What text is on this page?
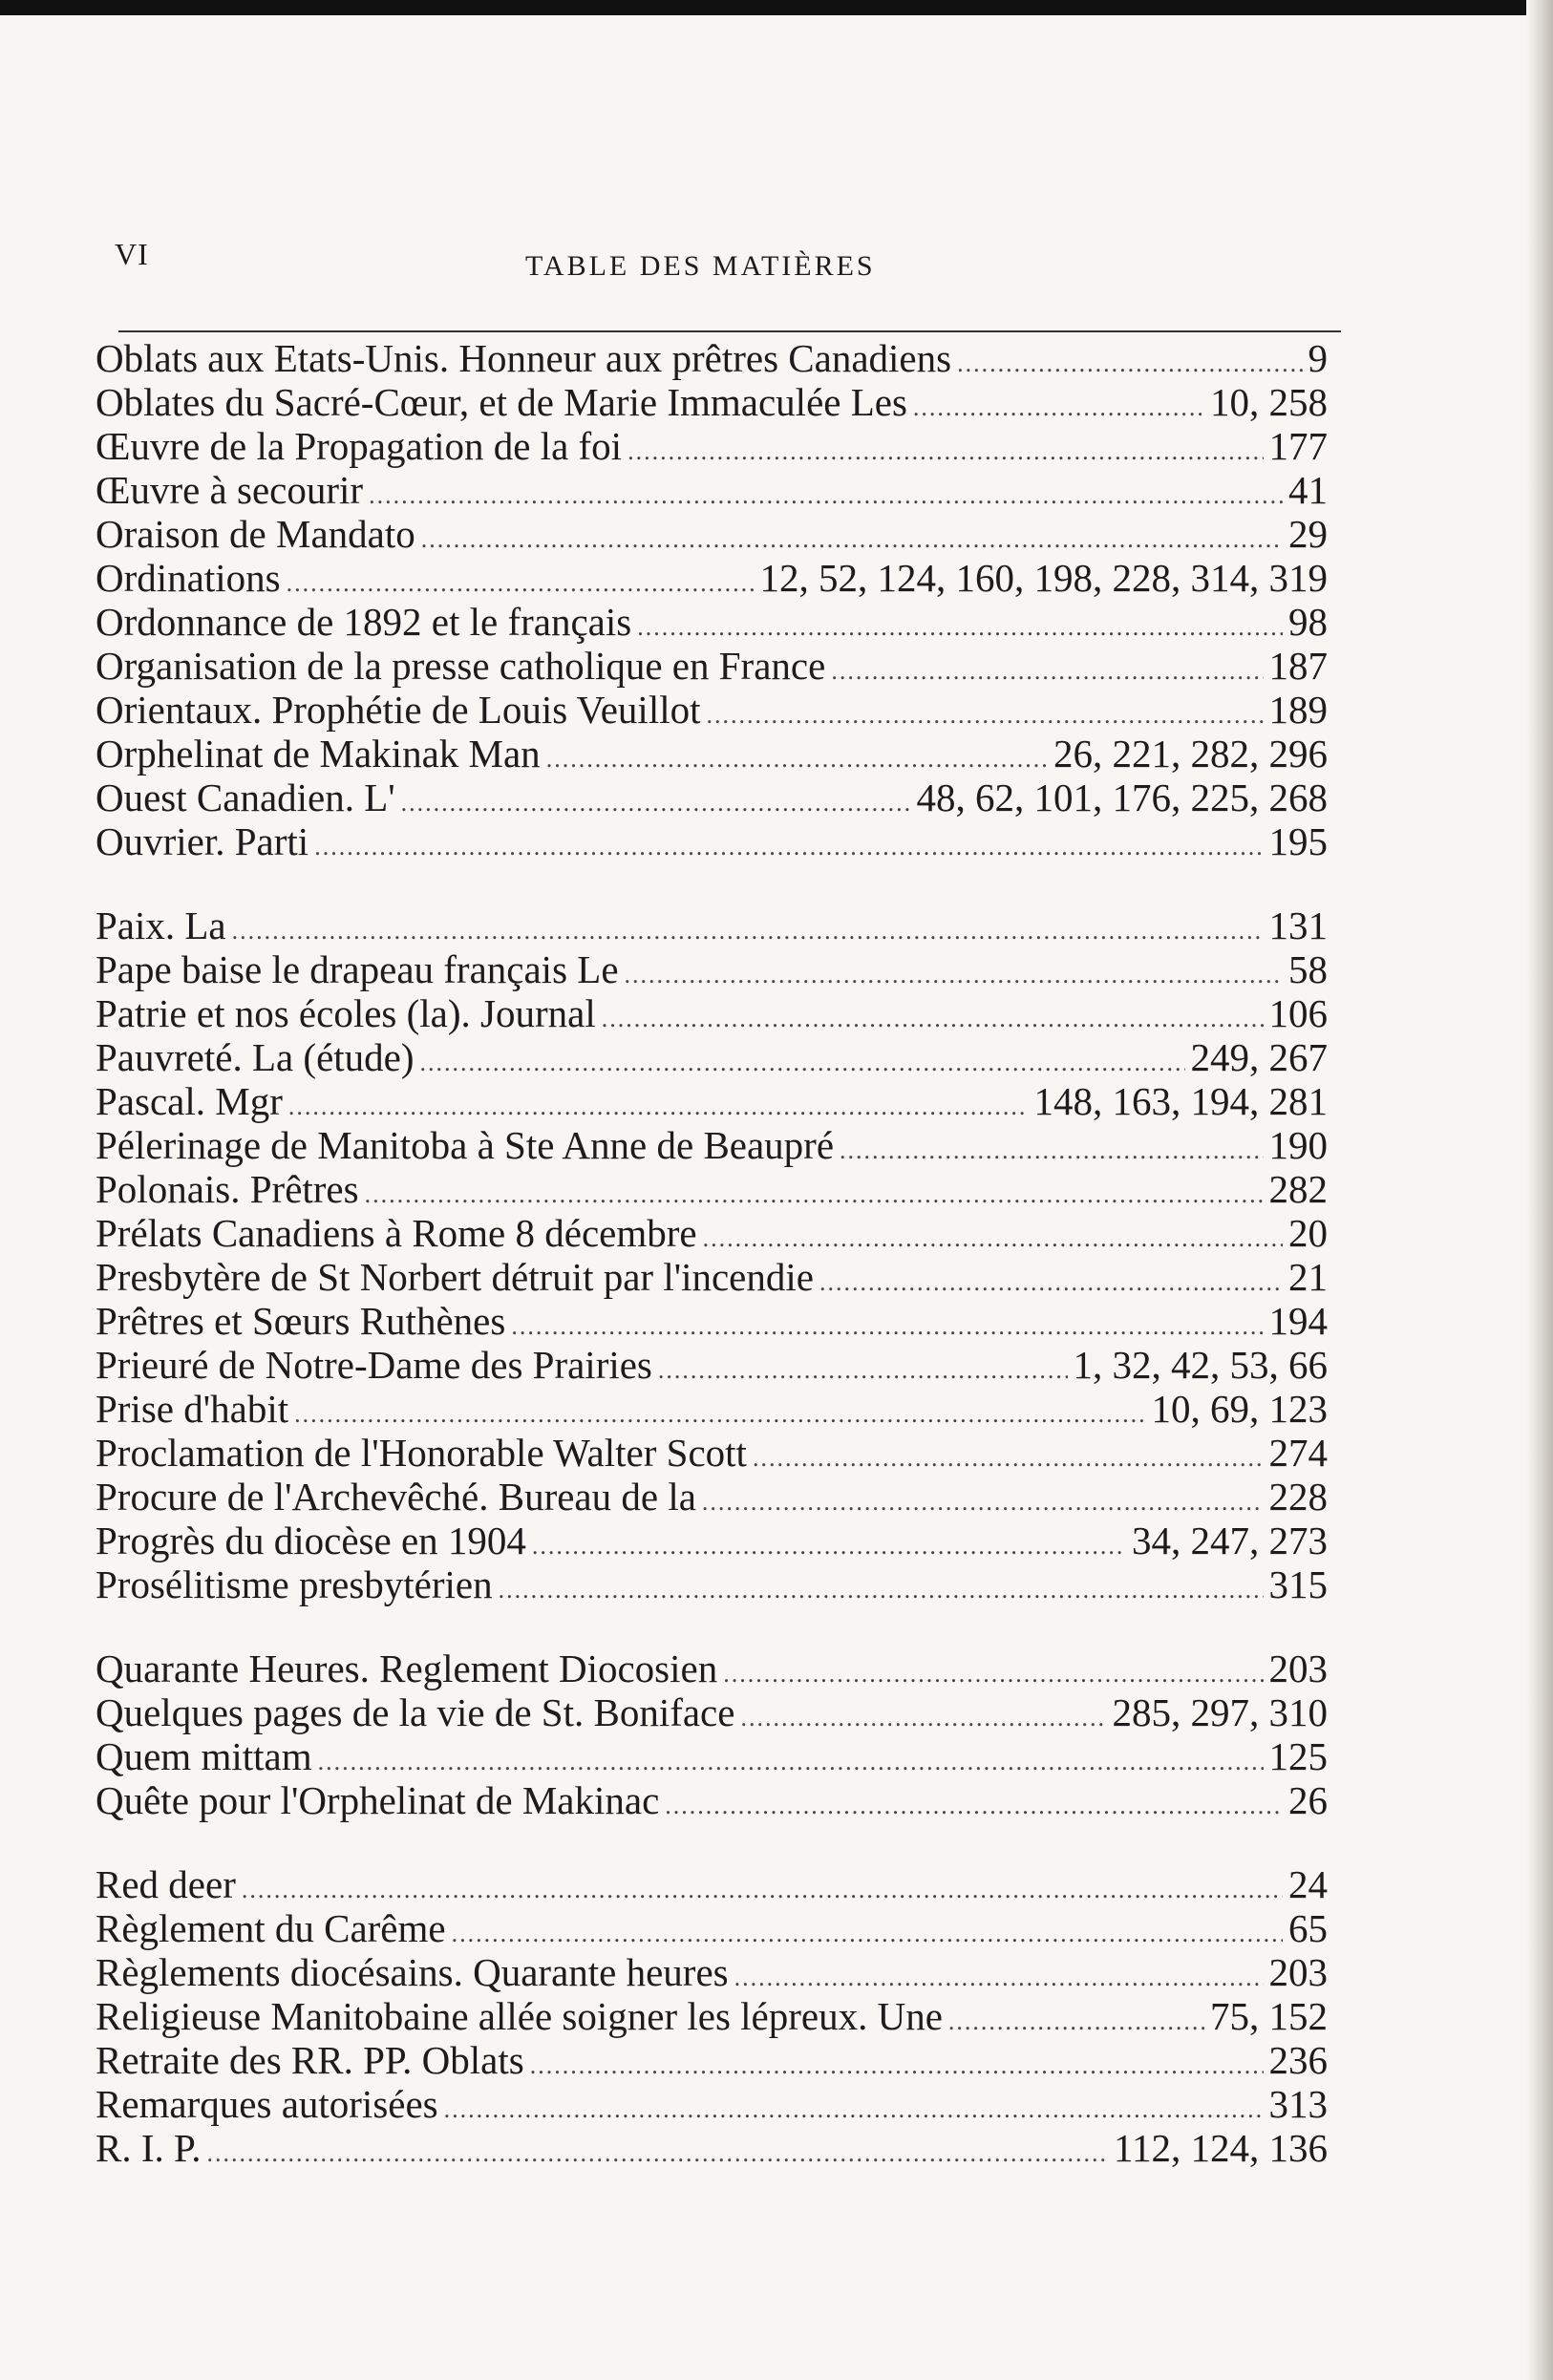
VI	TABLE DES MATIÈRES
Oblats aux Etats-Unis. Honneur aux prêtres Canadiens .....	9
Oblates du Sacré-Cœur, et de Marie Immaculée Les .....	10, 258
Œuvre de la Propagation de la foi .....	177
Œuvre à secourir .....	41
Oraison de Mandato .....	29
Ordinations .....	12, 52, 124, 160, 198, 228, 314, 319
Ordonnance de 1892 et le français .....	98
Organisation de la presse catholique en France .....	187
Orientaux. Prophétie de Louis Veuillot .....	189
Orphelinat de Makinak Man .....	26, 221, 282, 296
Ouest Canadien. L' .....	48, 62, 101, 176, 225, 268
Ouvrier. Parti .....	195
Paix. La .....	131
Pape baise le drapeau français Le .....	58
Patrie et nos écoles (la). Journal .....	106
Pauvreté. La (étude) .....	249, 267
Pascal. Mgr .....	148, 163, 194, 281
Pélerinage de Manitoba à Ste Anne de Beaupré .....	190
Polonais. Prêtres .....	282
Prélats Canadiens à Rome 8 décembre .....	20
Presbytère de St Norbert détruit par l'incendie .....	21
Prêtres et Sœurs Ruthènes .....	194
Prieuré de Notre-Dame des Prairies .....	1, 32, 42, 53, 66
Prise d'habit .....	10, 69, 123
Proclamation de l'Honorable Walter Scott .....	274
Procure de l'Archevêché. Bureau de la .....	228
Progrès du diocèse en 1904 .....	34, 247, 273
Prosélitisme presbytérien .....	315
Quarante Heures. Reglement Diocosien .....	203
Quelques pages de la vie de St. Boniface .....	285, 297, 310
Quem mittam .....	125
Quête pour l'Orphelinat de Makinac .....	26
Red deer .....	24
Règlement du Carême .....	65
Règlements diocésains. Quarante heures .....	203
Religieuse Manitobaine allée soigner les lépreux. Une .....	75, 152
Retraite des RR. PP. Oblats .....	236
Remarques autorisées .....	313
R. I. P. .....	112, 124, 136
